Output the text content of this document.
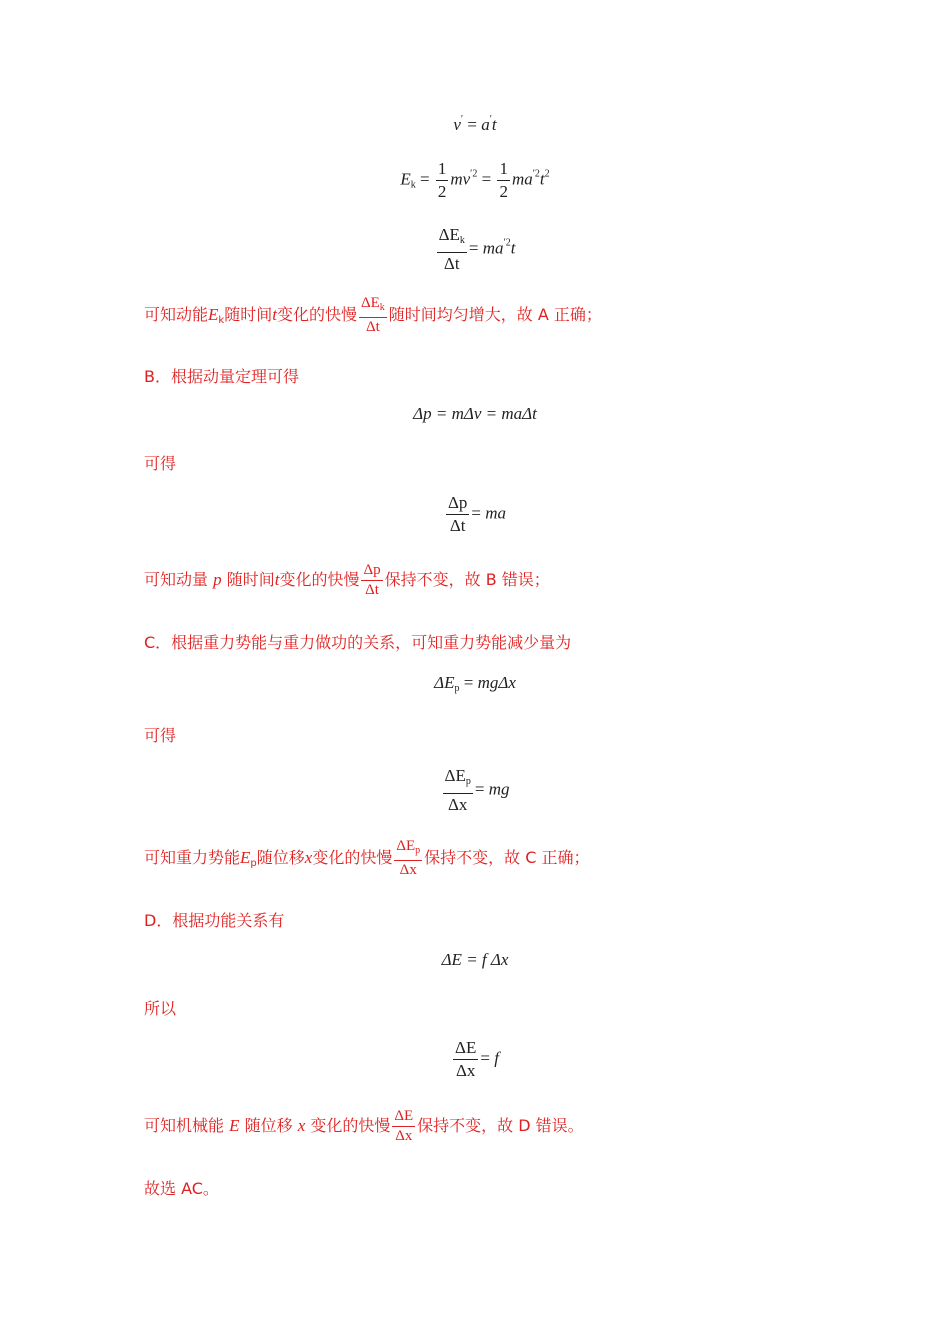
v′ = a′t
$E_k = \frac{1}{2} mv^{'2} = \frac{1}{2} ma^{'2}t^2$
$\frac{\Delta E_k}{\Delta t} = ma^{'2}t$
可知动能$E_k$随时间t变化的快慢 $\frac{\Delta E_k}{\Delta t}$ 随时间均匀增大，故 A 正确；
B．根据动量定理可得
Δp = mΔv = maΔt
可得
$\frac{\Delta p}{\Delta t}$ = ma
可知动量 p 随时间t变化的快慢 $\frac{\Delta p}{\Delta t}$ 保持不变，故 B 错误；
C．根据重力势能与重力做功的关系，可知重力势能减少量为
$\Delta E_p = mg\Delta x$
可得
$\frac{\Delta E_p}{\Delta x}$ = mg
可知重力势能$E_p$随位移x变化的快慢 $\frac{\Delta E_p}{\Delta x}$ 保持不变，故 C 正确；
D．根据功能关系有
ΔE = f Δx
所以
$\frac{\Delta E}{\Delta x} = f$
可知机械能 E 随位移 x 变化的快慢 $\frac{\Delta E}{\Delta x}$ 保持不变，故 D 错误。
故选 AC。
